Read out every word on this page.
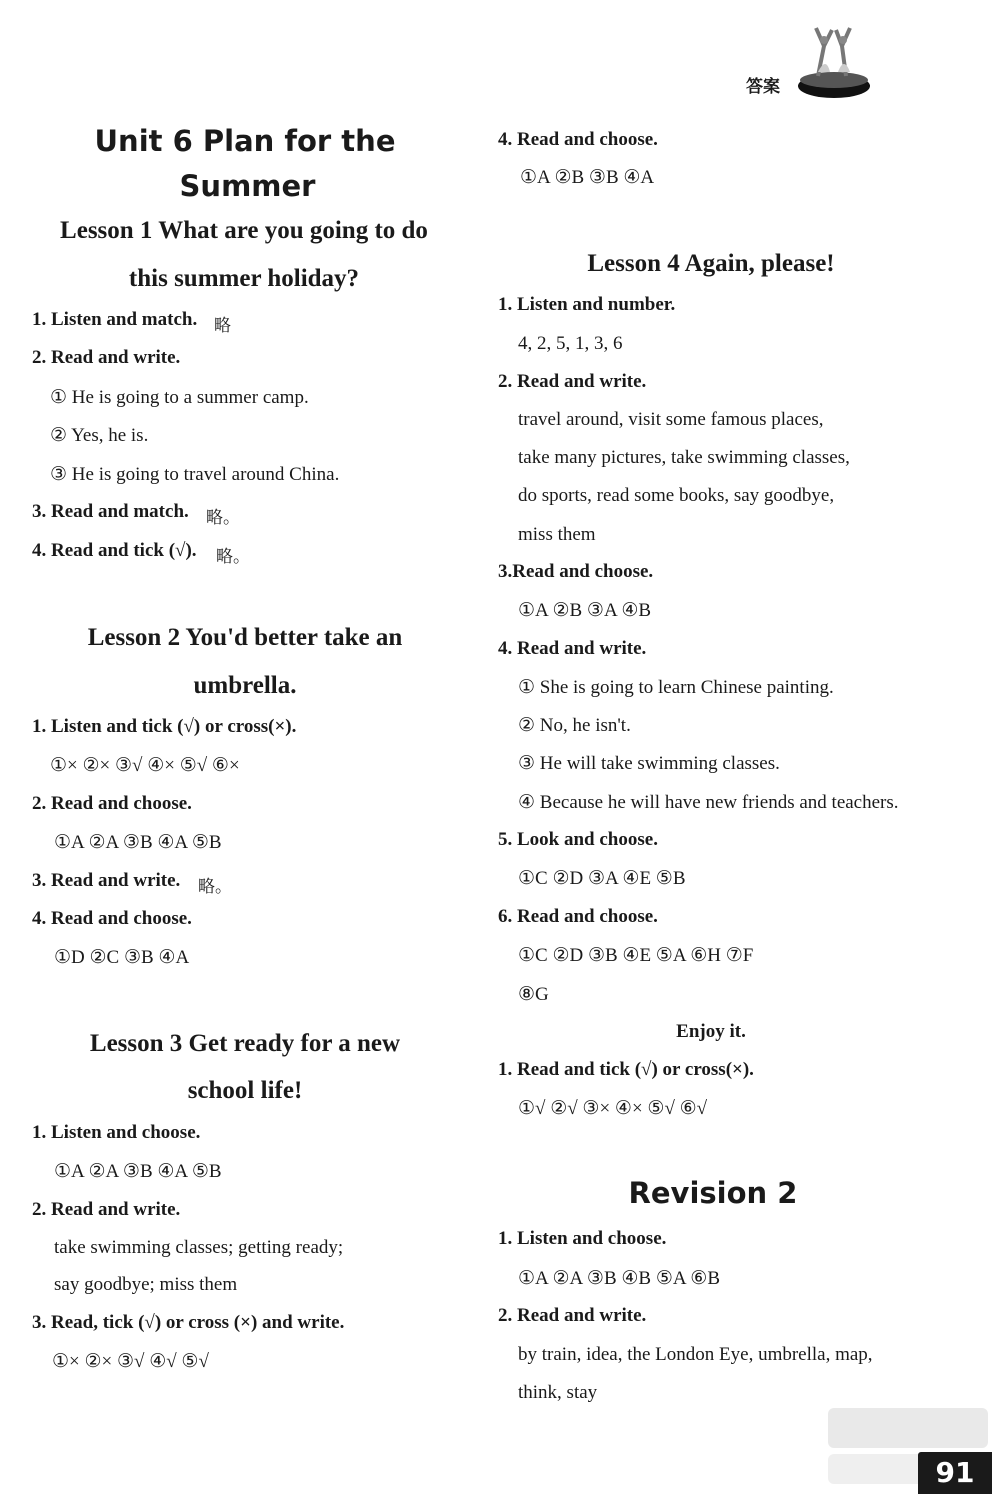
答案
Unit 6 Plan for the
Summer
Lesson 1 What are you going to do
this summer holiday?
1. Listen and match. 略
2. Read and write.
① He is going to a summer camp.
② Yes, he is.
③ He is going to travel around China.
3. Read and match. 略。
4. Read and tick (√). 略。
Lesson 2 You'd better take an
umbrella.
1. Listen and tick (√) or cross(×).
①× ②× ③√ ④× ⑤√ ⑥×
2. Read and choose.
①A ②A ③B ④A ⑤B
3. Read and write. 略。
4. Read and choose.
①D ②C ③B ④A
Lesson 3 Get ready for a new
school life!
1. Listen and choose.
①A ②A ③B ④A ⑤B
2. Read and write.
take swimming classes; getting ready;
say goodbye; miss them
3. Read, tick (√) or cross (×) and write.
①× ②× ③√ ④√ ⑤√
4. Read and choose.
①A ②B ③B ④A
Lesson 4 Again, please!
1. Listen and number.
4, 2, 5, 1, 3, 6
2. Read and write.
travel around, visit some famous places,
take many pictures, take swimming classes,
do sports, read some books, say goodbye,
miss them
3.Read and choose.
①A ②B ③A ④B
4. Read and write.
① She is going to learn Chinese painting.
② No, he isn't.
③ He will take swimming classes.
④ Because he will have new friends and teachers.
5. Look and choose.
①C ②D ③A ④E ⑤B
6. Read and choose.
①C ②D ③B ④E ⑤A ⑥H ⑦F
⑧G
Enjoy it.
1. Read and tick (√) or cross(×).
①√ ②√ ③× ④× ⑤√ ⑥√
Revision 2
1. Listen and choose.
①A ②A ③B ④B ⑤A ⑥B
2. Read and write.
by train, idea, the London Eye, umbrella, map,
think, stay
91
